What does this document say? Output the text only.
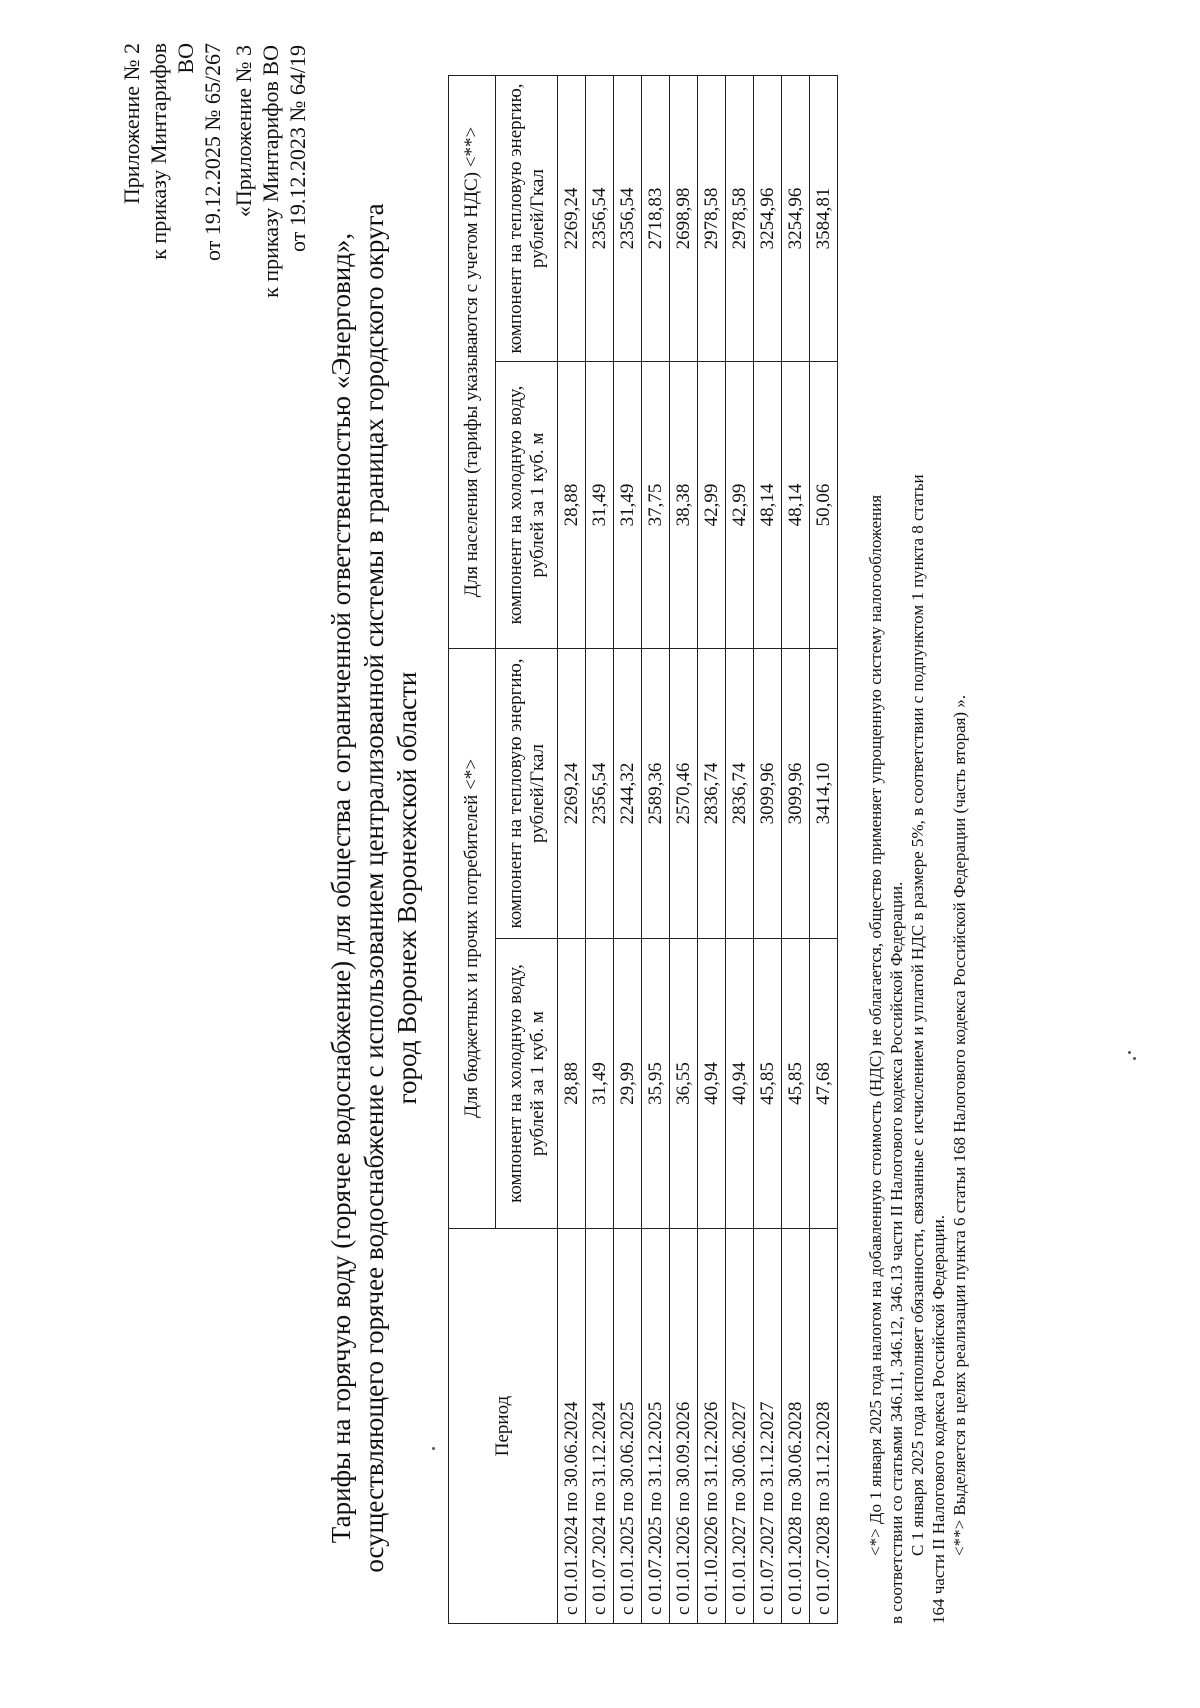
Приложение № 2 к приказу Минтарифов ВО от 19.12.2025 № 65/267 «Приложение № 3 к приказу Минтарифов ВО от 19.12.2023 № 64/19
Тарифы на горячую воду (горячее водоснабжение) для общества с ограниченной ответственностью «Энерговид», осуществляющего горячее водоснабжение с использованием централизованной системы в границах городского округа город Воронеж Воронежской области
Период	Для бюджетных и прочих потребителей <*>		Для населения (тарифы указываются с учетом НДС) <**>	
	компонент на холодную воду, рублей за 1 куб. м	компонент на тепловую энергию, рублей/Гкал	компонент на холодную воду, рублей за 1 куб. м	компонент на тепловую энергию, рублей/Гкал
с 01.01.2024 по 30.06.2024	28,88	2269,24	28,88	2269,24
с 01.07.2024 по 31.12.2024	31,49	2356,54	31,49	2356,54
с 01.01.2025 по 30.06.2025	29,99	2244,32	31,49	2356,54
с 01.07.2025 по 31.12.2025	35,95	2589,36	37,75	2718,83
с 01.01.2026 по 30.09.2026	36,55	2570,46	38,38	2698,98
с 01.10.2026 по 31.12.2026	40,94	2836,74	42,99	2978,58
с 01.01.2027 по 30.06.2027	40,94	2836,74	42,99	2978,58
с 01.07.2027 по 31.12.2027	45,85	3099,96	48,14	3254,96
с 01.01.2028 по 30.06.2028	45,85	3099,96	48,14	3254,96
с 01.07.2028 по 31.12.2028	47,68	3414,10	50,06	3584,81

<*> До 1 января 2025 года налогом на добавленную стоимость (НДС) не облагается, общество применяет упрощенную систему налогообложения в соответствии со статьями 346.11, 346.12, 346.13 части II Налогового кодекса Российской Федерации. С 1 января 2025 года исполняет обязанности, связанные с исчислением и уплатой НДС в размере 5%, в соответствии с подпунктом 1 пункта 8 статьи 164 части II Налогового кодекса Российской Федерации. <**> Выделяется в целях реализации пункта 6 статьи 168 Налогового кодекса Российской Федерации (часть вторая) ».
